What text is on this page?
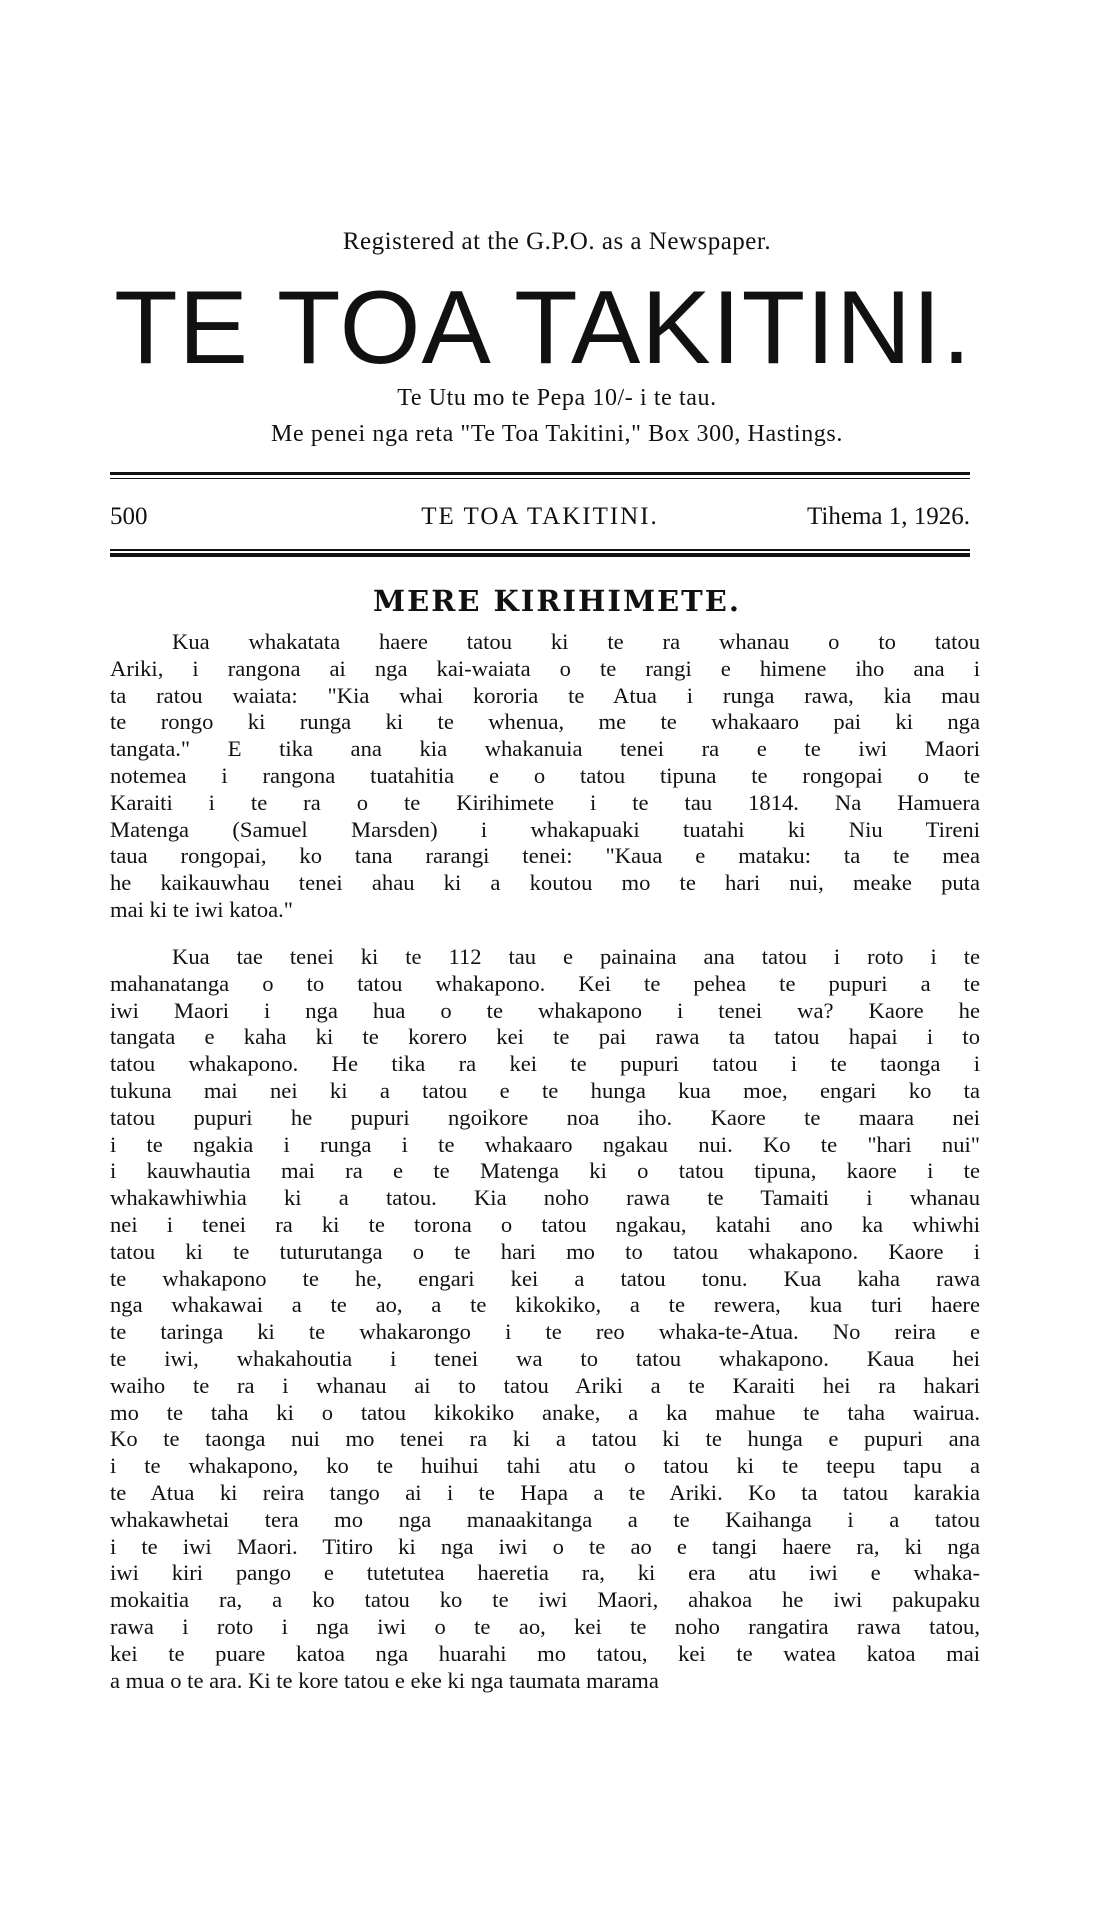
Registered at the G.P.O. as a Newspaper.
TE TOA TAKITINI.
Te Utu mo te Pepa 10/- i te tau.
Me penei nga reta "Te Toa Takitini," Box 300, Hastings.
500	TE TOA TAKITINI.	Tihema 1, 1926.
MERE KIRIHIMETE.
Kua whakatata haere tatou ki te ra whanau o to tatou
Ariki, i rangona ai nga kai-waiata o te rangi e himene iho ana i
ta ratou waiata: "Kia whai kororia te Atua i runga rawa, kia mau
te rongo ki runga ki te whenua, me te whakaaro pai ki nga
tangata." E tika ana kia whakanuia tenei ra e te iwi Maori
notemea i rangona tuatahitia e o tatou tipuna te rongopai o te
Karaiti i te ra o te Kirihimete i te tau 1814. Na Hamuera
Matenga (Samuel Marsden) i whakapuaki tuatahi ki Niu Tireni
taua rongopai, ko tana rarangi tenei: "Kaua e mataku: ta te mea
he kaikauwhau tenei ahau ki a koutou mo te hari nui, meake puta
mai ki te iwi katoa."
Kua tae tenei ki te 112 tau e painaina ana tatou i roto i te
mahanatanga o to tatou whakapono. Kei te pehea te pupuri a te
iwi Maori i nga hua o te whakapono i tenei wa? Kaore he
tangata e kaha ki te korero kei te pai rawa ta tatou hapai i to
tatou whakapono. He tika ra kei te pupuri tatou i te taonga i
tukuna mai nei ki a tatou e te hunga kua moe, engari ko ta
tatou pupuri he pupuri ngoikore noa iho. Kaore te maara nei
i te ngakia i runga i te whakaaro ngakau nui. Ko te "hari nui"
i kauwhautia mai ra e te Matenga ki o tatou tipuna, kaore i te
whakawhiwhia ki a tatou. Kia noho rawa te Tamaiti i whanau
nei i tenei ra ki te torona o tatou ngakau, katahi ano ka whiwhi
tatou ki te tuturutanga o te hari mo to tatou whakapono. Kaore i
te whakapono te he, engari kei a tatou tonu. Kua kaha rawa
nga whakawai a te ao, a te kikokiko, a te rewera, kua turi haere
te taringa ki te whakarongo i te reo whaka-te-Atua. No reira e
te iwi, whakahoutia i tenei wa to tatou whakapono. Kaua hei
waiho te ra i whanau ai to tatou Ariki a te Karaiti hei ra hakari
mo te taha ki o tatou kikokiko anake, a ka mahue te taha wairua.
Ko te taonga nui mo tenei ra ki a tatou ki te hunga e pupuri ana
i te whakapono, ko te huihui tahi atu o tatou ki te teepu tapu a
te Atua ki reira tango ai i te Hapa a te Ariki. Ko ta tatou karakia
whakawhetai tera mo nga manaakitanga a te Kaihanga i a tatou
i te iwi Maori. Titiro ki nga iwi o te ao e tangi haere ra, ki nga
iwi kiri pango e tutetutea haeretia ra, ki era atu iwi e whaka-
mokaitia ra, a ko tatou ko te iwi Maori, ahakoa he iwi pakupaku
rawa i roto i nga iwi o te ao, kei te noho rangatira rawa tatou,
kei te puare katoa nga huarahi mo tatou, kei te watea katoa mai
a mua o te ara. Ki te kore tatou e eke ki nga taumata marama
